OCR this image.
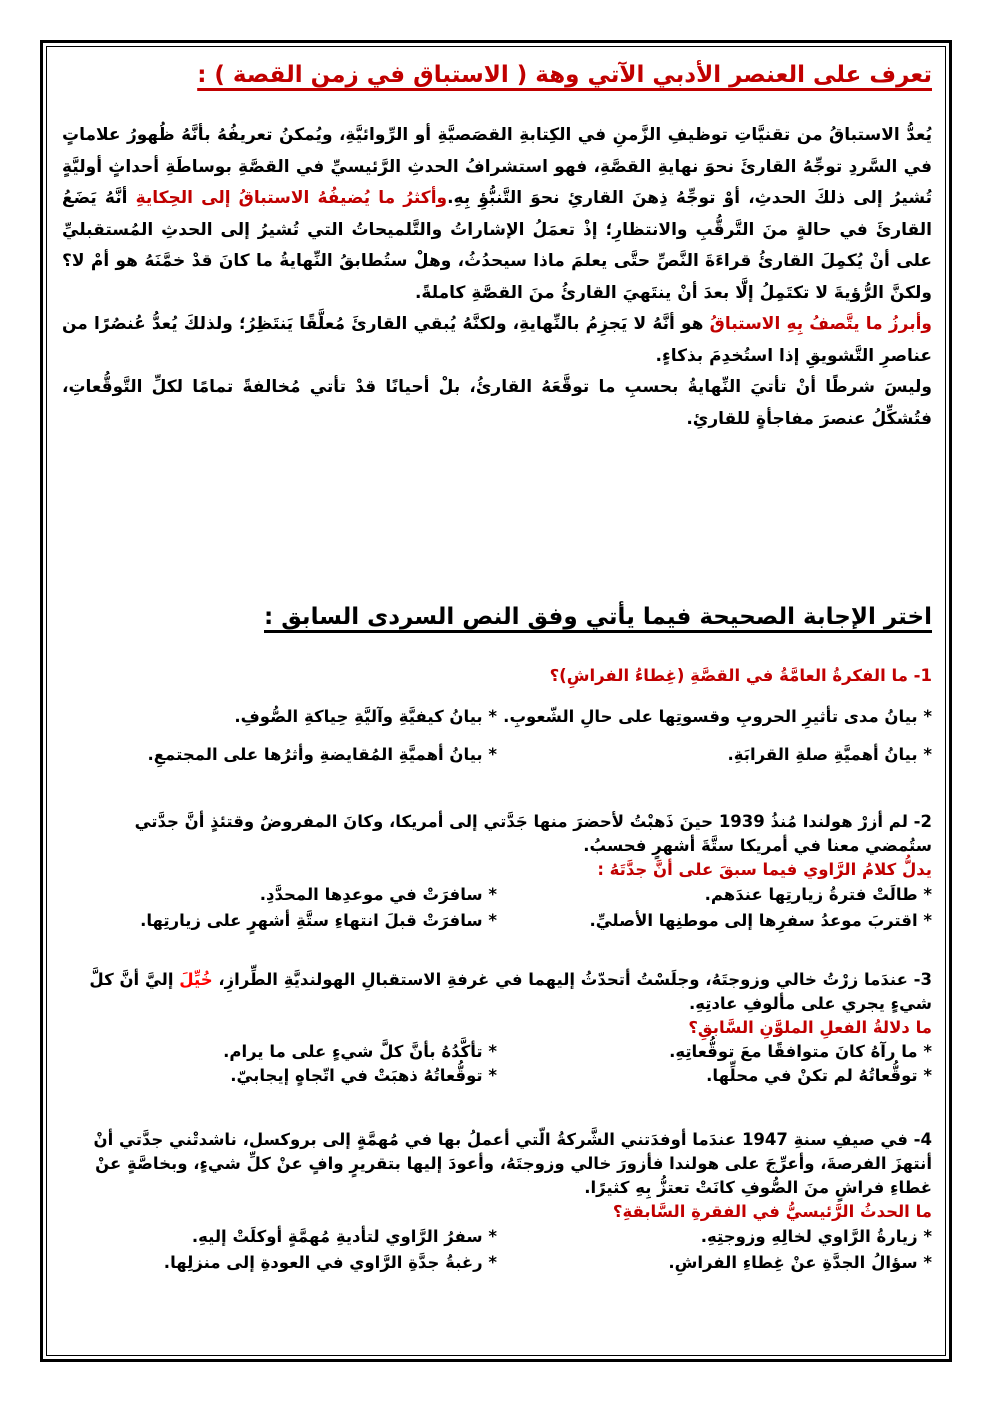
تعرف على العنصر الأدبي الآتي وهة ( الاستباق في زمن القصة ) :
يُعدُّ الاستباقُ من تقنيَّاتِ توظيفِ الزَّمنِ في الكِتابةِ القصَصيَّةِ أو الرِّوائيَّةِ، ويُمكنُ تعريفُهُ بأنَّهُ ظُهورُ علاماتٍ في السَّردِ توجِّهُ القارئَ نحوَ نهايةِ القصَّةِ، فهو استشرافُ الحدثِ الرَّئيسيِّ في القصَّةِ بوساطَةِ أحداثٍ أوليَّةٍ تُشيرُ إلى ذلكَ الحدثِ، أوْ توجِّهُ ذِهنَ القارئِ نحوَ التَّنبُّؤِ بِهِ.وأكثرُ ما يُضيفُهُ الاستباقُ إلى الحِكايةِ أنَّهُ يَضَعُ القارئَ في حالةٍ منَ التَّرقُّبِ والانتظارِ؛ إذْ تعمَلُ الإشاراتُ والتَّلميحاتُ التي تُشيرُ إلى الحدثِ المُستقبليِّ على أنْ يُكمِلَ القارئُ قراءَةَ النَّصِّ حتَّى يعلمَ ماذا سيحدُثُ، وهلْ ستُطابقُ النِّهايةُ ما كانَ قدْ خمَّنَهُ هو أمْ لا؟ ولكنَّ الرُّؤيةَ لا تكتَمِلُ إلَّا بعدَ أنْ ينتَهيَ القارئُ منَ القصَّةِ كاملةً.
وأبرزُ ما يتَّصفُ بِهِ الاستباقُ هو أنَّهُ لا يَجزِمُ بالنِّهايةِ، ولكنَّهُ يُبقي القارئَ مُعلَّقًا يَنتَظِرُ؛ ولذلكَ يُعدُّ عُنصُرًا من عناصرِ التَّشويقِ إذا استُخدِمَ بذكاءٍ.
وليسَ شرطًا أنْ تأتيَ النِّهايةُ بحسبِ ما توقَّعَهُ القارئُ، بلْ أحيانًا قدْ تأتي مُخالفةً تمامًا لكلِّ التَّوقُّعاتِ، فتُشكِّلُ عنصرَ مفاجأةٍ للقارئِ.
اختر الإجابة الصحيحة فيما يأتي وفق النص السردى السابق :
1- ما الفكرةُ العامَّةُ في القصَّةِ (غِطاءُ الفراشِ)؟
* بيانُ مدى تأثيرِ الحروبِ وقسوتِها على حالِ الشّعوبِ.
* بيانُ كيفيَّةِ وآليَّةِ حِياكةِ الصُّوفِ.
* بيانُ أهميَّةِ صلةِ القرابَةِ.
* بيانُ أهميَّةِ المُقايضةِ وأثرُها على المجتمعِ.
2- لم أزرْ هولندا مُنذُ 1939 حينَ ذَهبْتُ لأحضرَ منها جَدَّتي إلى أمريكا، وكانَ المفروضُ وقتئذٍ أنَّ جدَّتي ستُمضي معنا في أمريكا ستَّةَ أشهرٍ فحسبُ.
يدلُّ كلامُ الرَّاوي فيما سبقَ على أنَّ جدَّتَهُ :
* طالَتْ فترةُ زيارتِها عندَهم.
* سافرَتْ في موعدِها المحدَّدِ.
* اقتربَ موعدُ سفرِها إلى موطنِها الأصليِّ.
* سافرَتْ قبلَ انتهاءِ ستَّةِ أشهرٍ على زيارتِها.
3- عندَما زرْتُ خالي وزوجتَهُ، وجلَسْتُ أتحدّثُ إليهما في غرفةِ الاستقبالِ الهولنديَّةِ الطِّرازِ، خُيِّلَ إليَّ أنَّ كلَّ شيءٍ يجري على مألوفِ عادتِهِ.
ما دلالةُ الفعلِ الملوَّنِ السَّابقِ؟
* ما رآهُ كانَ متوافقًا معَ توقُّعاتِهِ.
* تأكَّدُهُ بأنَّ كلَّ شيءٍ على ما يرام.
* توقُّعاتُهُ لم تكنْ في محلِّها.
* توقُّعاتُهُ ذهبَتْ في اتّجاهٍ إيجابيّ.
4- في صيفِ سنةِ 1947 عندَما أوفدَتني الشَّركةُ الّتي أعملُ بها في مُهمَّةٍ إلى بروكسل، ناشدتْني جدَّتي أنْ أنتهزَ الفرصةَ، وأعرِّجَ على هولندا فأزورَ خالي وزوجتَهُ، وأعودَ إليها بتقريرٍ وافٍ عنْ كلِّ شيءٍ، وبخاصَّةٍ عنْ غطاءِ فراشٍ منَ الصُّوفِ كانَتْ تعتزُّ بِهِ كثيرًا.
ما الحدثُ الرَّئيسيُّ في الفقرةِ السَّابقةِ؟
* زيارةُ الرَّاوي لخالِهِ وزوجتِهِ.
* سفرُ الرَّاوي لتأديةِ مُهمَّةٍ أوكلَتْ إليهِ.
* سؤالُ الجدَّةِ عنْ غِطاءِ الفراشِ.
* رغبةُ جدَّةِ الرَّاوي في العودةِ إلى منزلِها.
